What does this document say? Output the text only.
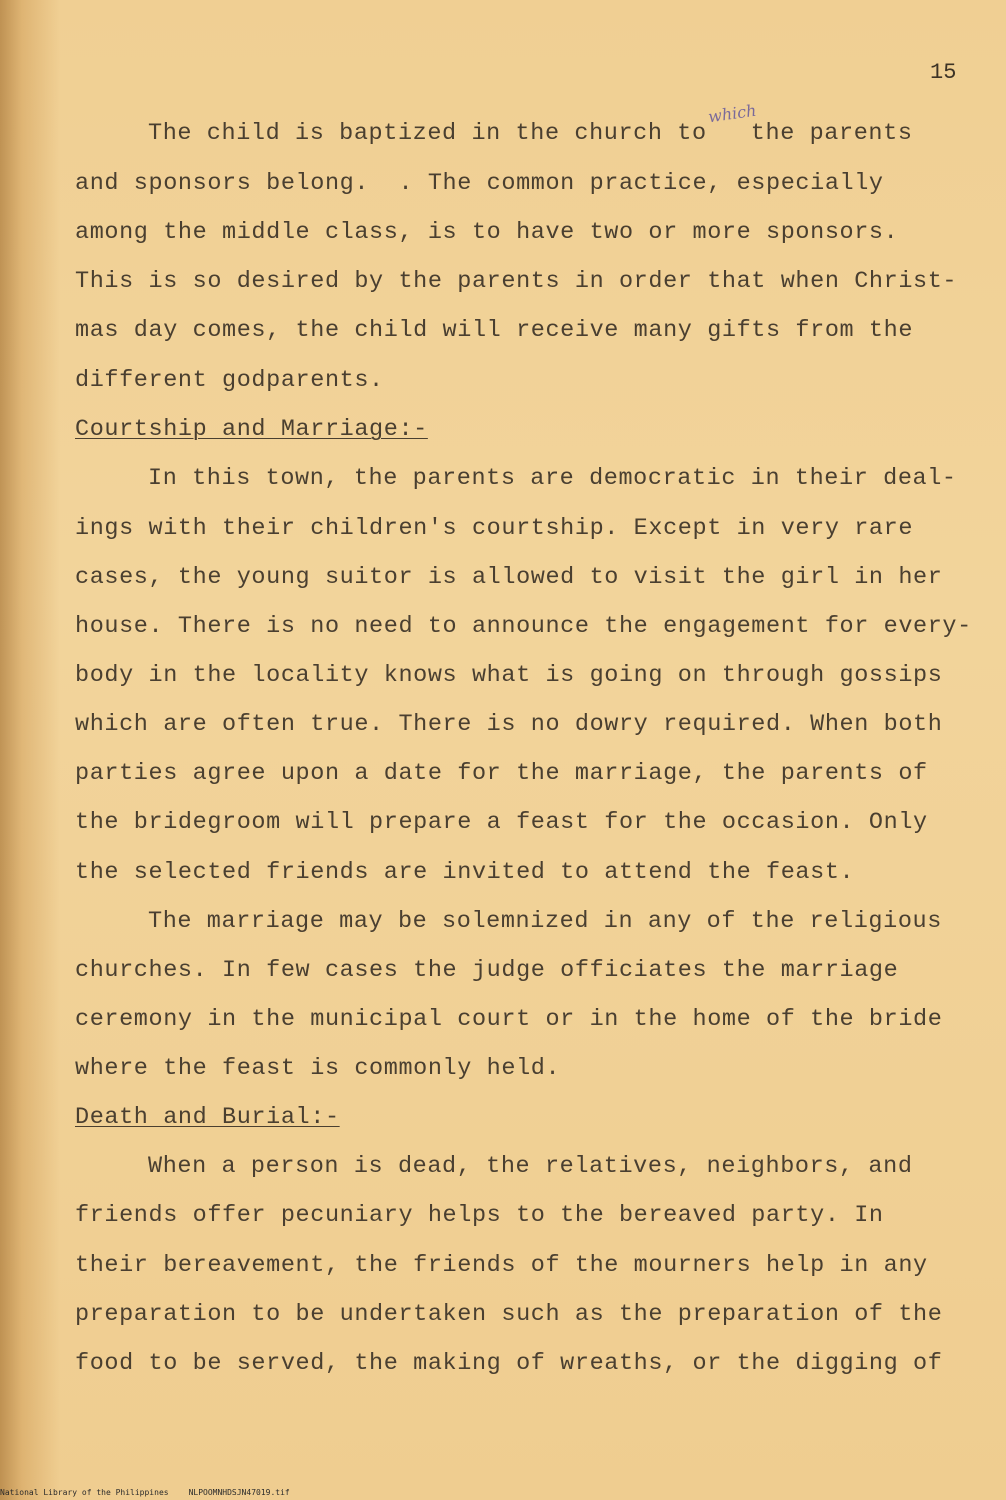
15
which
The child is baptized in the church to   the parents
and sponsors belong.  . The common practice, especially
among the middle class, is to have two or more sponsors.
This is so desired by the parents in order that when Christ-
mas day comes, the child will receive many gifts from the
different godparents.
Courtship and Marriage:-
In this town, the parents are democratic in their deal-
ings with their children's courtship. Except in very rare
cases, the young suitor is allowed to visit the girl in her
house. There is no need to announce the engagement for every-
body in the locality knows what is going on through gossips
which are often true. There is no dowry required. When both
parties agree upon a date for the marriage, the parents of
the bridegroom will prepare a feast for the occasion. Only
the selected friends are invited to attend the feast.
The marriage may be solemnized in any of the religious
churches. In few cases the judge officiates the marriage
ceremony in the municipal court or in the home of the bride
where the feast is commonly held.
Death and Burial:-
When a person is dead, the relatives, neighbors, and
friends offer pecuniary helps to the bereaved party. In
their bereavement, the friends of the mourners help in any
preparation to be undertaken such as the preparation of the
food to be served, the making of wreaths, or the digging of
National Library of the Philippines	NLPOOMNHDSJN47019.tif
